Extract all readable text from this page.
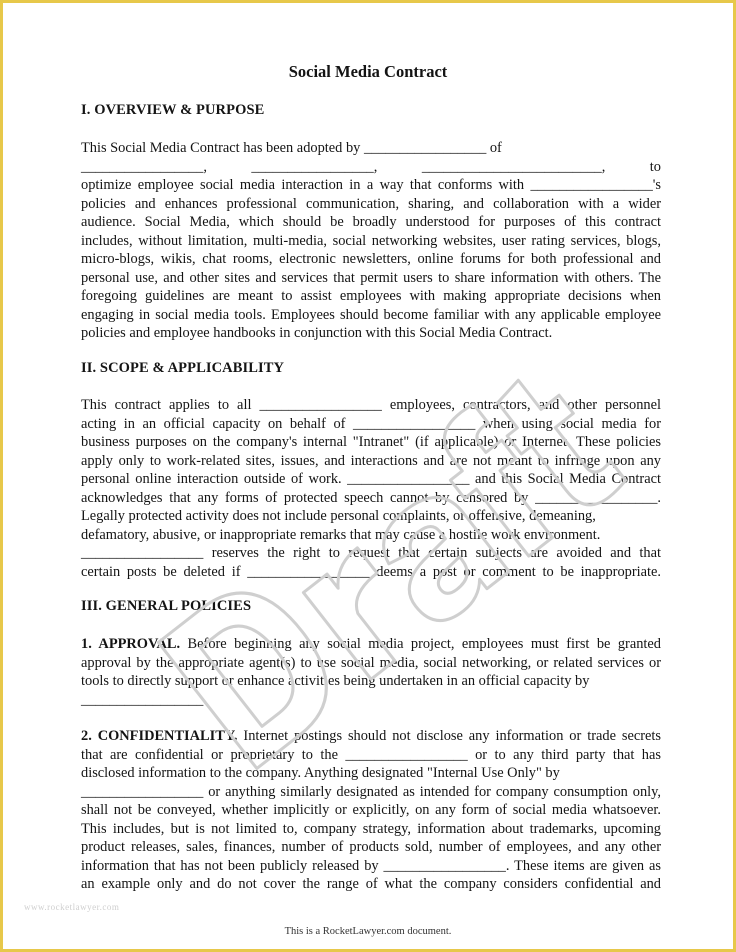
Social Media Contract
I. OVERVIEW & PURPOSE
This Social Media Contract has been adopted by _________________ of
_________________, _________________, _________________________, to
optimize employee social media interaction in a way that conforms with _________________'s
policies and enhances professional communication, sharing, and collaboration with a wider
audience. Social Media, which should be broadly understood for purposes of this contract
includes, without limitation, multi-media, social networking websites, user rating services, blogs,
micro-blogs, wikis, chat rooms, electronic newsletters, online forums for both professional and
personal use, and other sites and services that permit users to share information with others. The
foregoing guidelines are meant to assist employees with making appropriate decisions when
engaging in social media tools. Employees should become familiar with any applicable employee
policies and employee handbooks in conjunction with this Social Media Contract.
II. SCOPE & APPLICABILITY
This contract applies to all _________________ employees, contractors, and other personnel
acting in an official capacity on behalf of _________________ when using social media for
business purposes on the company's internal "Intranet" (if applicable) or Internet. These policies
apply only to work-related sites, issues, and interactions and are not meant to infringe upon any
personal online interaction outside of work. _________________ and this Social Media Contract
acknowledges that any forms of protected speech cannot by censored by _________________.
Legally protected activity does not include personal complaints, or offensive, demeaning,
defamatory, abusive, or inappropriate remarks that may cause a hostile work environment.
_________________ reserves the right to request that certain subjects are avoided and that
certain posts be deleted if _________________ deems a post or comment to be inappropriate.
III. GENERAL POLICIES
1. APPROVAL. Before beginning any social media project, employees must first be granted
approval by the appropriate agent(s) to use social media, social networking, or related services or
tools to directly support or enhance activities being undertaken in an official capacity by
_________________.
2. CONFIDENTIALITY. Internet postings should not disclose any information or trade secrets
that are confidential or proprietary to the _________________ or to any third party that has
disclosed information to the company. Anything designated "Internal Use Only" by
_________________ or anything similarly designated as intended for company consumption only,
shall not be conveyed, whether implicitly or explicitly, on any form of social media whatsoever.
This includes, but is not limited to, company strategy, information about trademarks, upcoming
product releases, sales, finances, number of products sold, number of employees, and any other
information that has not been publicly released by _________________. These items are given as
an example only and do not cover the range of what the company considers confidential and
www.rocketlawyer.com
This is a RocketLawyer.com document.
